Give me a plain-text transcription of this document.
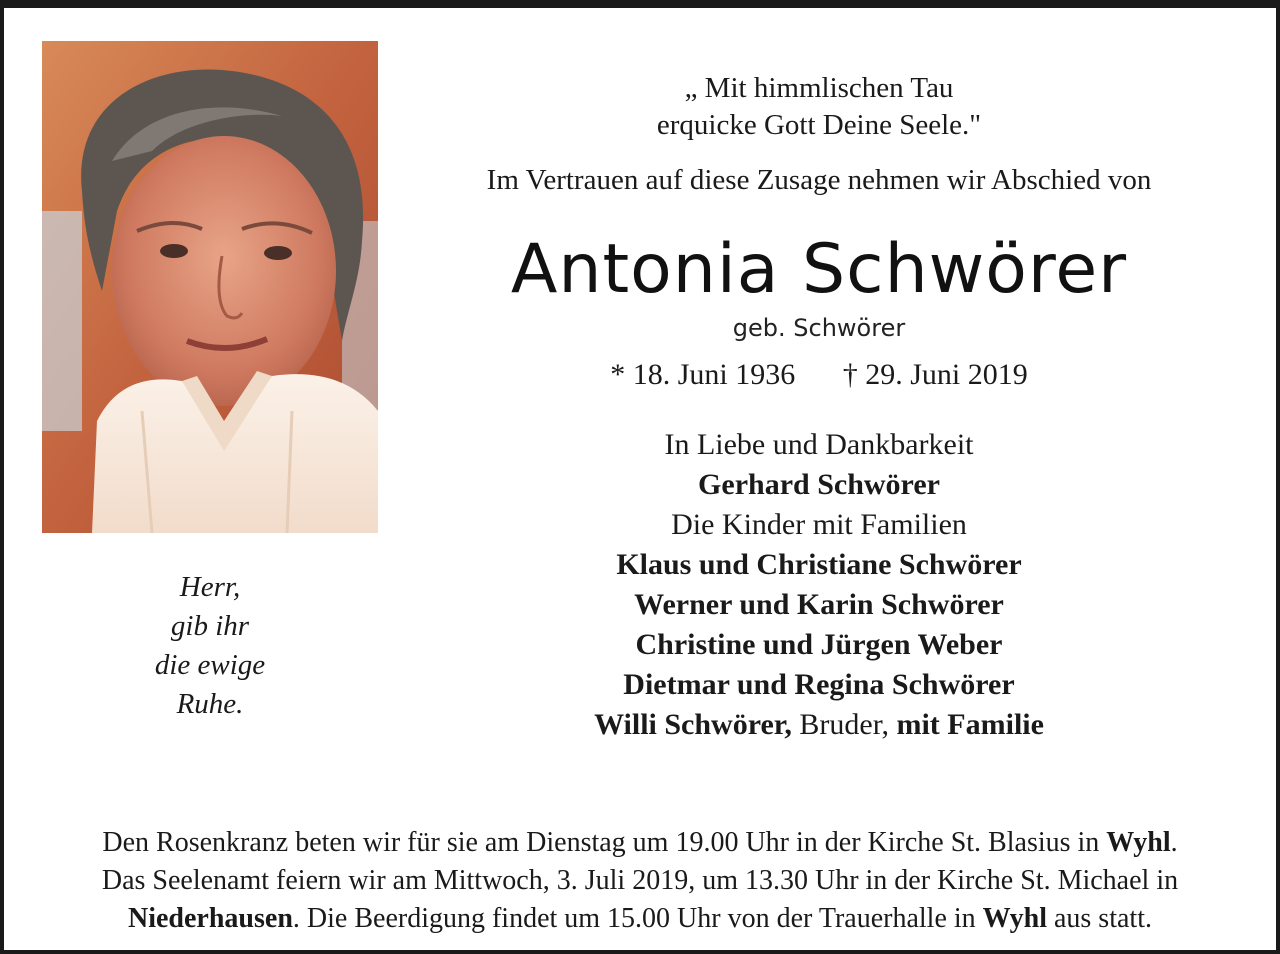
Herr,
gib ihr
die ewige
Ruhe.
„ Mit himmlischen Tau
erquicke Gott Deine Seele."
Im Vertrauen auf diese Zusage nehmen wir Abschied von
Antonia Schwörer
geb. Schwörer
* 18. Juni 1936 † 29. Juni 2019
In Liebe und Dankbarkeit
Gerhard Schwörer
Die Kinder mit Familien
Klaus und Christiane Schwörer
Werner und Karin Schwörer
Christine und Jürgen Weber
Dietmar und Regina Schwörer
Willi Schwörer, Bruder, mit Familie
Den Rosenkranz beten wir für sie am Dienstag um 19.00 Uhr in der Kirche St. Blasius in Wyhl.
Das Seelenamt feiern wir am Mittwoch, 3. Juli 2019, um 13.30 Uhr in der Kirche St. Michael in
Niederhausen. Die Beerdigung findet um 15.00 Uhr von der Trauerhalle in Wyhl aus statt.
